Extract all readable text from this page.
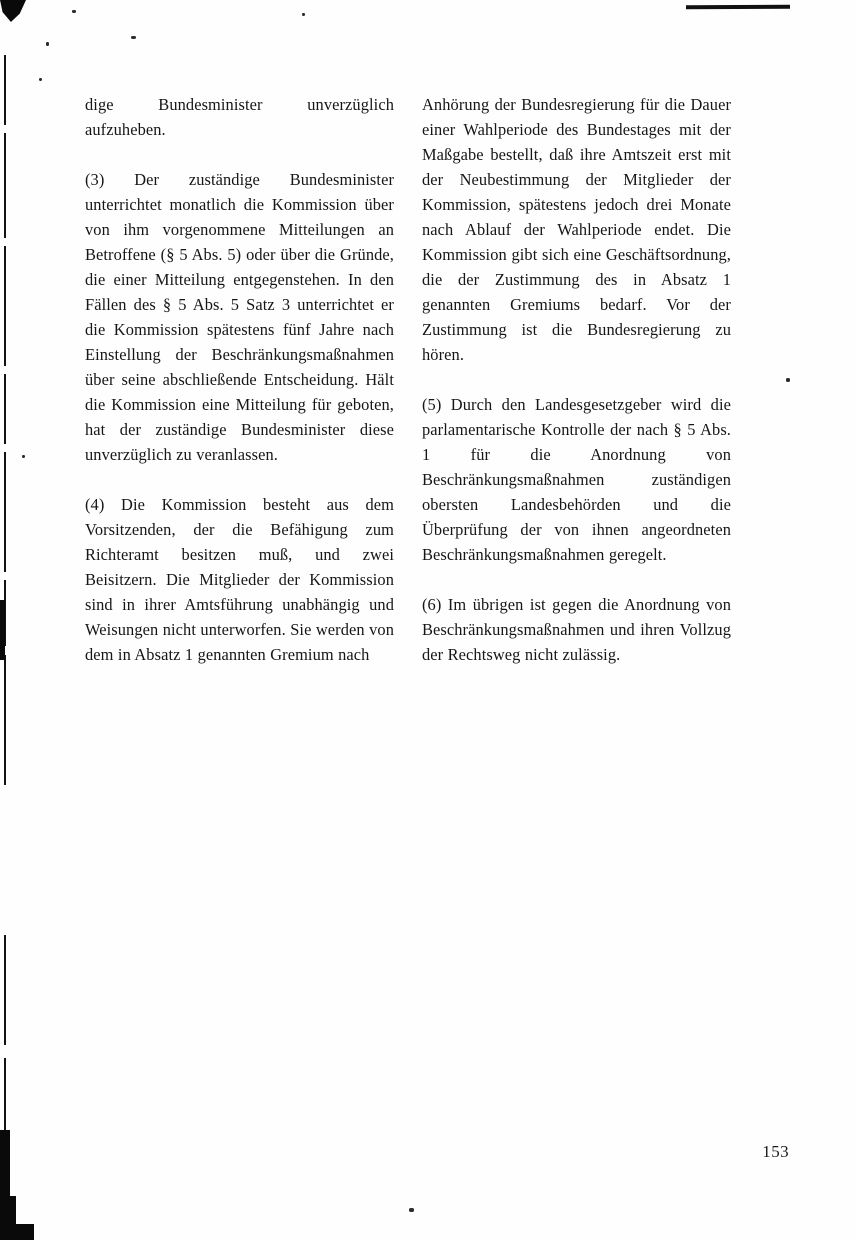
dige Bundesminister unverzüglich aufzuheben.

(3) Der zuständige Bundesminister unterrichtet monatlich die Kommission über von ihm vorgenommene Mitteilungen an Betroffene (§ 5 Abs. 5) oder über die Gründe, die einer Mitteilung entgegenstehen. In den Fällen des § 5 Abs. 5 Satz 3 unterrichtet er die Kommission spätestens fünf Jahre nach Einstellung der Beschränkungsmaßnahmen über seine abschließende Entscheidung. Hält die Kommission eine Mitteilung für geboten, hat der zuständige Bundesminister diese unverzüglich zu veranlassen.

(4) Die Kommission besteht aus dem Vorsitzenden, der die Befähigung zum Richteramt besitzen muß, und zwei Beisitzern. Die Mitglieder der Kommission sind in ihrer Amtsführung unabhängig und Weisungen nicht unterworfen. Sie werden von dem in Absatz 1 genannten Gremium nach

Anhörung der Bundesregierung für die Dauer einer Wahlperiode des Bundestages mit der Maßgabe bestellt, daß ihre Amtszeit erst mit der Neubestimmung der Mitglieder der Kommission, spätestens jedoch drei Monate nach Ablauf der Wahlperiode endet. Die Kommission gibt sich eine Geschäftsordnung, die der Zustimmung des in Absatz 1 genannten Gremiums bedarf. Vor der Zustimmung ist die Bundesregierung zu hören.

(5) Durch den Landesgesetzgeber wird die parlamentarische Kontrolle der nach § 5 Abs. 1 für die Anordnung von Beschränkungsmaßnahmen zuständigen obersten Landesbehörden und die Überprüfung der von ihnen angeordneten Beschränkungsmaßnahmen geregelt.

(6) Im übrigen ist gegen die Anordnung von Beschränkungsmaßnahmen und ihren Vollzug der Rechtsweg nicht zulässig.

153
